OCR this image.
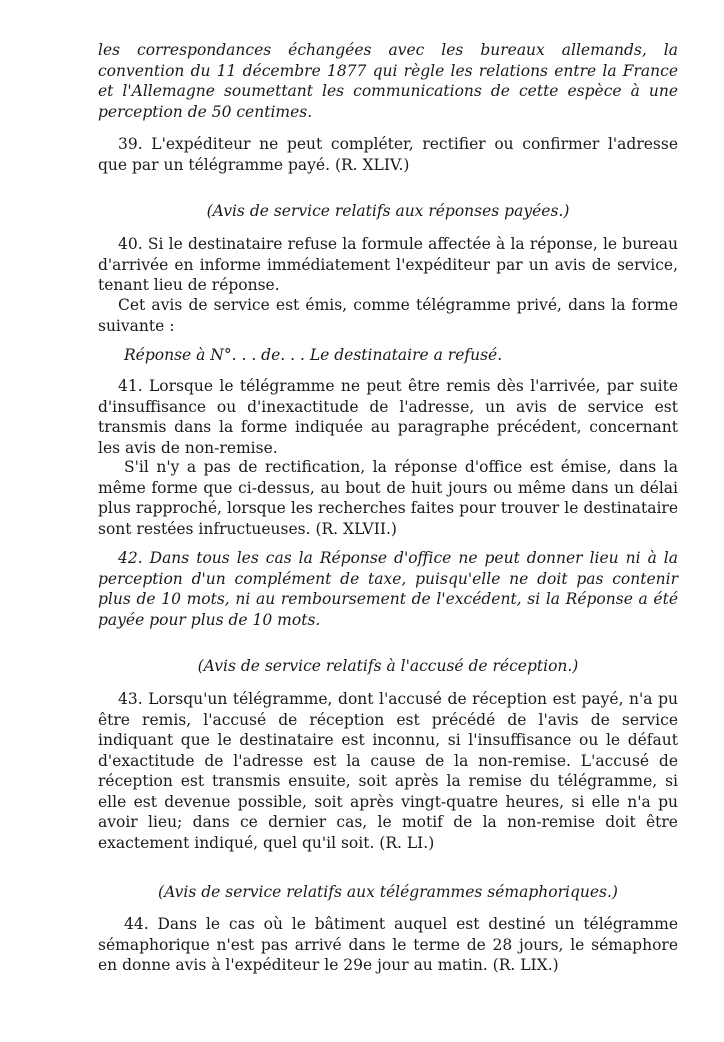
les correspondances échangées avec les bureaux allemands, la convention du 11 décembre 1877 qui règle les relations entre la France et l'Allemagne soumettant les communications de cette espèce à une perception de 50 centimes.

39. L'expéditeur ne peut compléter, rectifier ou confirmer l'adresse que par un télégramme payé. (R. XLIV.)

(Avis de service relatifs aux réponses payées.)

40. Si le destinataire refuse la formule affectée à la réponse, le bureau d'arrivée en informe immédiatement l'expéditeur par un avis de service, tenant lieu de réponse.

Cet avis de service est émis, comme télégramme privé, dans la forme suivante :

Réponse à N°. . . de. . . Le destinataire a refusé.

41. Lorsque le télégramme ne peut être remis dès l'arrivée, par suite d'insuffisance ou d'inexactitude de l'adresse, un avis de service est transmis dans la forme indiquée au paragraphe précédent, concernant les avis de non-remise.

S'il n'y a pas de rectification, la réponse d'office est émise, dans la même forme que ci-dessus, au bout de huit jours ou même dans un délai plus rapproché, lorsque les recherches faites pour trouver le destinataire sont restées infructueuses. (R. XLVII.)

42. Dans tous les cas la Réponse d'office ne peut donner lieu ni à la perception d'un complément de taxe, puisqu'elle ne doit pas contenir plus de 10 mots, ni au remboursement de l'excédent, si la Réponse a été payée pour plus de 10 mots.

(Avis de service relatifs à l'accusé de réception.)

43. Lorsqu'un télégramme, dont l'accusé de réception est payé, n'a pu être remis, l'accusé de réception est précédé de l'avis de service indiquant que le destinataire est inconnu, si l'insuffisance ou le défaut d'exactitude de l'adresse est la cause de la non-remise. L'accusé de réception est transmis ensuite, soit après la remise du télégramme, si elle est devenue possible, soit après vingt-quatre heures, si elle n'a pu avoir lieu; dans ce dernier cas, le motif de la non-remise doit être exactement indiqué, quel qu'il soit. (R. LI.)

(Avis de service relatifs aux télégrammes sémaphoriques.)

44. Dans le cas où le bâtiment auquel est destiné un télégramme sémaphorique n'est pas arrivé dans le terme de 28 jours, le sémaphore en donne avis à l'expéditeur le 29e jour au matin. (R. LIX.)
